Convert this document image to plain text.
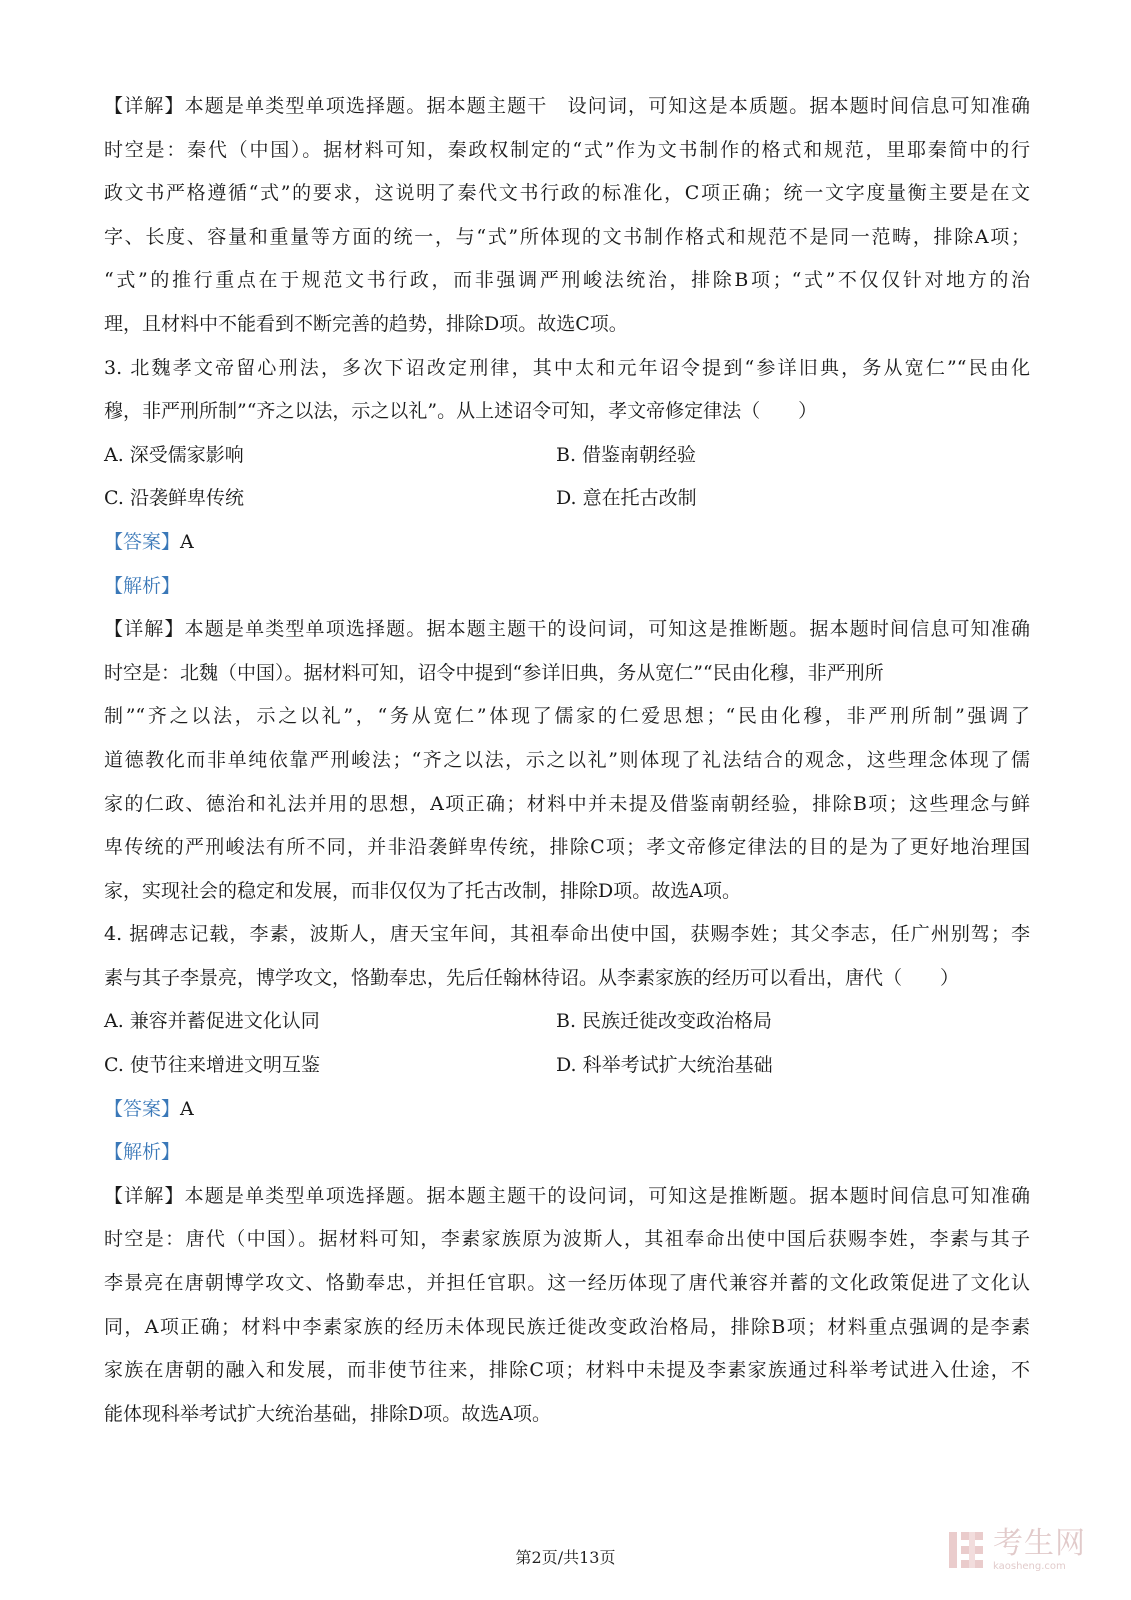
【详解】本题是单类型单项选择题。据本题主题干　设问词，可知这是本质题。据本题时间信息可知准确
时空是：秦代（中国）。据材料可知，秦政权制定的“式”作为文书制作的格式和规范，里耶秦简中的行
政文书严格遵循“式”的要求，这说明了秦代文书行政的标准化，C项正确；统一文字度量衡主要是在文
字、长度、容量和重量等方面的统一，与“式”所体现的文书制作格式和规范不是同一范畴，排除A项；
“式”的推行重点在于规范文书行政，而非强调严刑峻法统治，排除B项；“式”不仅仅针对地方的治
理，且材料中不能看到不断完善的趋势，排除D项。故选C项。
3. 北魏孝文帝留心刑法，多次下诏改定刑律，其中太和元年诏令提到“参详旧典，务从宽仁”“民由化
穆，非严刑所制”“齐之以法，示之以礼”。从上述诏令可知，孝文帝修定律法（　　）
A. 深受儒家影响	B. 借鉴南朝经验
C. 沿袭鲜卑传统	D. 意在托古改制
【答案】A
【解析】
【详解】本题是单类型单项选择题。据本题主题干的设问词，可知这是推断题。据本题时间信息可知准确
时空是：北魏（中国）。据材料可知，诏令中提到“参详旧典，务从宽仁”“民由化穆，非严刑所
制”“齐之以法，示之以礼”，“务从宽仁”体现了儒家的仁爱思想；“民由化穆，非严刑所制”强调了
道德教化而非单纯依靠严刑峻法；“齐之以法，示之以礼”则体现了礼法结合的观念，这些理念体现了儒
家的仁政、德治和礼法并用的思想，A项正确；材料中并未提及借鉴南朝经验，排除B项；这些理念与鲜
卑传统的严刑峻法有所不同，并非沿袭鲜卑传统，排除C项；孝文帝修定律法的目的是为了更好地治理国
家，实现社会的稳定和发展，而非仅仅为了托古改制，排除D项。故选A项。
4. 据碑志记载，李素，波斯人，唐天宝年间，其祖奉命出使中国，获赐李姓；其父李志，任广州别驾；李
素与其子李景亮，博学攻文，恪勤奉忠，先后任翰林待诏。从李素家族的经历可以看出，唐代（　　）
A. 兼容并蓄促进文化认同	B. 民族迁徙改变政治格局
C. 使节往来增进文明互鉴	D. 科举考试扩大统治基础
【答案】A
【解析】
【详解】本题是单类型单项选择题。据本题主题干的设问词，可知这是推断题。据本题时间信息可知准确
时空是：唐代（中国）。据材料可知，李素家族原为波斯人，其祖奉命出使中国后获赐李姓，李素与其子
李景亮在唐朝博学攻文、恪勤奉忠，并担任官职。这一经历体现了唐代兼容并蓄的文化政策促进了文化认
同，A项正确；材料中李素家族的经历未体现民族迁徙改变政治格局，排除B项；材料重点强调的是李素
家族在唐朝的融入和发展，而非使节往来，排除C项；材料中未提及李素家族通过科举考试进入仕途，不
能体现科举考试扩大统治基础，排除D项。故选A项。
第2页/共13页	考生网
kaosheng.com
